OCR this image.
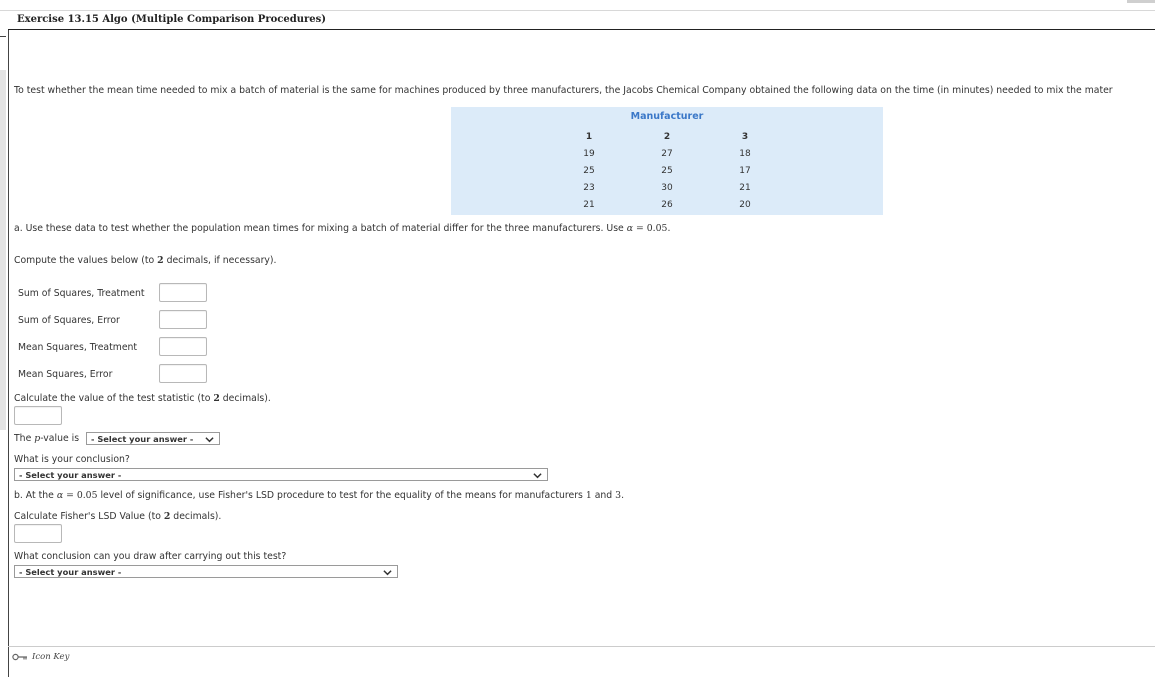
Exercise 13.15 Algo (Multiple Comparison Procedures)
To test whether the mean time needed to mix a batch of material is the same for machines produced by three manufacturers, the Jacobs Chemical Company obtained the following data on the time (in minutes) needed to mix the mater
Manufacturer
1
19
25
23
21
2
27
25
30
26
3
18
17
21
20
a. Use these data to test whether the population mean times for mixing a batch of material differ for the three manufacturers. Use α = 0.05.
Compute the values below (to 2 decimals, if necessary).
Sum of Squares, Treatment
Sum of Squares, Error
Mean Squares, Treatment
Mean Squares, Error
Calculate the value of the test statistic (to 2 decimals).
The p-value is	- Select your answer -
What is your conclusion?
- Select your answer -
b. At the α = 0.05 level of significance, use Fisher's LSD procedure to test for the equality of the means for manufacturers 1 and 3.
Calculate Fisher's LSD Value (to 2 decimals).
What conclusion can you draw after carrying out this test?
- Select your answer -
Icon Key
